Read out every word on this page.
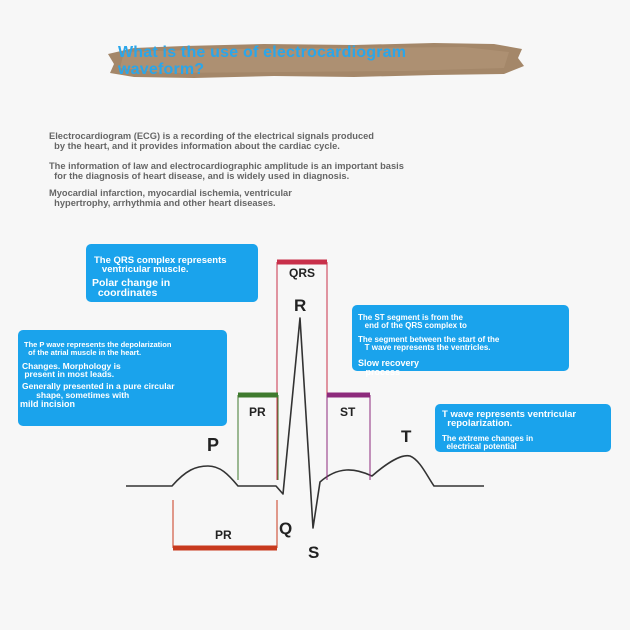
What is the use of electrocardiogram
waveform?

Electrocardiogram (ECG) is a recording of the electrical signals produced
by the heart, and it provides information about the cardiac cycle.

The information of law and electrocardiographic amplitude is an important basis
for the diagnosis of heart disease, and is widely used in diagnosis.

Myocardial infarction, myocardial ischemia, ventricular
hypertrophy, arrhythmia and other heart diseases.

P

Q

R

S

T

QRS

PR	ST

PR

The QRS complex represents
ventricular muscle.

Polar change in
coordinates

The P wave represents the depolarization
of the atrial muscle in the heart.

Changes. Morphology is
present in most leads.

Generally presented in a pure circular
shape, sometimes with

mild incision

The ST segment is from the
end of the QRS complex to

The segment between the start of the
T wave represents the ventricles.

Slow recovery
process

T wave represents ventricular
repolarization.

The extreme changes in
electrical potential
